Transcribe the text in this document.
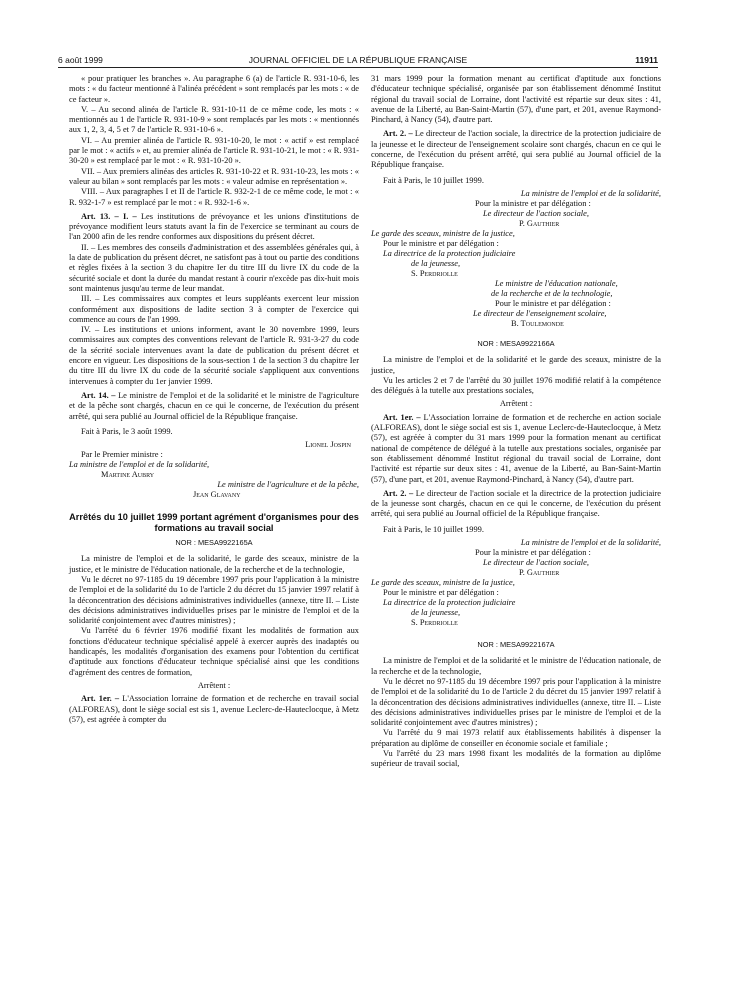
6 août 1999	JOURNAL OFFICIEL DE LA RÉPUBLIQUE FRANÇAISE	11911

« pour pratiquer les branches ». Au paragraphe 6 (a) de l'article R. 931-10-6, les mots : « du facteur mentionné à l'alinéa précédent » sont remplacés par les mots : « de ce facteur ».

V. – Au second alinéa de l'article R. 931-10-11 de ce même code, les mots : « mentionnés au 1 de l'article R. 931-10-9 » sont remplacés par les mots : « mentionnés aux 1, 2, 3, 4, 5 et 7 de l'article R. 931-10-6 ».

VI. – Au premier alinéa de l'article R. 931-10-20, le mot : « actif » est remplacé par le mot : « actifs » et, au premier alinéa de l'article R. 931-10-21, le mot : « R. 931-30-20 » est remplacé par le mot : « R. 931-10-20 ».

VII. – Aux premiers alinéas des articles R. 931-10-22 et R. 931-10-23, les mots : « valeur au bilan » sont remplacés par les mots : « valeur admise en représentation ».

VIII. – Aux paragraphes I et II de l'article R. 932-2-1 de ce même code, le mot : « R. 932-1-7 » est remplacé par le mot : « R. 932-1-6 ».

Art. 13. – I. – Les institutions de prévoyance et les unions d'institutions de prévoyance modifient leurs statuts avant la fin de l'exercice se terminant au cours de l'an 2000 afin de les rendre conformes aux dispositions du présent décret.

II. – Les membres des conseils d'administration et des assemblées générales qui, à la date de publication du présent décret, ne satisfont pas à tout ou partie des conditions et règles fixées à la section 3 du chapitre Ier du titre III du livre IX du code de la sécurité sociale et dont la durée du mandat restant à courir n'excède pas dix-huit mois sont maintenus jusqu'au terme de leur mandat.

III. – Les commissaires aux comptes et leurs suppléants exercent leur mission conformément aux dispositions de ladite section 3 à compter de l'exercice qui commence au cours de l'an 1999.

IV. – Les institutions et unions informent, avant le 30 novembre 1999, leurs commissaires aux comptes des conventions relevant de l'article R. 931-3-27 du code de la sécrité sociale intervenues avant la date de publication du présent décret et encore en vigueur. Les dispositions de la sous-section 1 de la section 3 du chapitre Ier du titre III du livre IX du code de la sécurité sociale s'appliquent aux conventions intervenues à compter du 1er janvier 1999.

Art. 14. – Le ministre de l'emploi et de la solidarité et le ministre de l'agriculture et de la pêche sont chargés, chacun en ce qui le concerne, de l'exécution du présent arrêté, qui sera publié au Journal officiel de la République française.

Fait à Paris, le 3 août 1999.
Lionel Jospin
Par le Premier ministre :
La ministre de l'emploi et de la solidarité,
Martine Aubry
Le ministre de l'agriculture et de la pêche,
Jean Glavany
Arrêtés du 10 juillet 1999 portant agrément d'organismes pour des formations au travail social
NOR : MESA9922165A

La ministre de l'emploi et de la solidarité, le garde des sceaux, ministre de la justice, et le ministre de l'éducation nationale, de la recherche et de la technologie,

Vu le décret no 97-1185 du 19 décembre 1997 pris pour l'application à la ministre de l'emploi et de la solidarité du 1o de l'article 2 du décret du 15 janvier 1997 relatif à la déconcentration des décisions administratives individuelles (annexe, titre II. – Liste des décisions administratives individuelles prises par le ministre de l'emploi et de la solidarité conjointement avec d'autres ministres) ;

Vu l'arrêté du 6 février 1976 modifié fixant les modalités de formation aux fonctions d'éducateur technique spécialisé appelé à exercer auprès des inadaptés ou handicapés, les modalités d'organisation des examens pour l'obtention du certificat d'aptitude aux fonctions d'éducateur technique spécialisé ainsi que les conditions d'agrément des centres de formation,

Arrêtent :

Art. 1er. – L'Association lorraine de formation et de recherche en travail social (ALFOREAS), dont le siège social est sis 1, avenue Leclerc-de-Hauteclocque, à Metz (57), est agréée à compter du

31 mars 1999 pour la formation menant au certificat d'aptitude aux fonctions d'éducateur technique spécialisé, organisée par son établissement dénommé Institut régional du travail social de Lorraine, dont l'activité est répartie sur deux sites : 41, avenue de la Liberté, au Ban-Saint-Martin (57), d'une part, et 201, avenue Raymond-Pinchard, à Nancy (54), d'autre part.

Art. 2. – Le directeur de l'action sociale, la directrice de la protection judiciaire de la jeunesse et le directeur de l'enseignement scolaire sont chargés, chacun en ce qui le concerne, de l'exécution du présent arrêté, qui sera publié au Journal officiel de la République française.

Fait à Paris, le 10 juillet 1999.
La ministre de l'emploi et de la solidarité,
Pour la ministre et par délégation :
Le directeur de l'action sociale,
P. Gauthier
Le garde des sceaux, ministre de la justice,
Pour le ministre et par délégation :
La directrice de la protection judiciaire
de la jeunesse,
S. Perdriolle
Le ministre de l'éducation nationale,
de la recherche et de la technologie,
Pour le ministre et par délégation :
Le directeur de l'enseignement scolaire,
B. Toulemonde
NOR : MESA9922166A

La ministre de l'emploi et de la solidarité et le garde des sceaux, ministre de la justice,

Vu les articles 2 et 7 de l'arrêté du 30 juillet 1976 modifié relatif à la compétence des délégués à la tutelle aux prestations sociales,

Arrêtent :

Art. 1er. – L'Association lorraine de formation et de recherche en action sociale (ALFOREAS), dont le siège social est sis 1, avenue Leclerc-de-Hauteclocque, à Metz (57), est agréée à compter du 31 mars 1999 pour la formation menant au certificat national de compétence de délégué à la tutelle aux prestations sociales, organisée par son établissement dénommé Institut régional du travail social de Lorraine, dont l'activité est répartie sur deux sites : 41, avenue de la Liberté, au Ban-Saint-Martin (57), d'une part, et 201, avenue Raymond-Pinchard, à Nancy (54), d'autre part.

Art. 2. – Le directeur de l'action sociale et la directrice de la protection judiciaire de la jeunesse sont chargés, chacun en ce qui le concerne, de l'exécution du présent arrêté, qui sera publié au Journal officiel de la République française.

Fait à Paris, le 10 juillet 1999.
La ministre de l'emploi et de la solidarité,
Pour la ministre et par délégation :
Le directeur de l'action sociale,
P. Gauthier
Le garde des sceaux, ministre de la justice,
Pour le ministre et par délégation :
La directrice de la protection judiciaire
de la jeunesse,
S. Perdriolle
NOR : MESA9922167A

La ministre de l'emploi et de la solidarité et le ministre de l'éducation nationale, de la recherche et de la technologie,

Vu le décret no 97-1185 du 19 décembre 1997 pris pour l'application à la ministre de l'emploi et de la solidarité du 1o de l'article 2 du décret du 15 janvier 1997 relatif à la déconcentration des décisions administratives individuelles (annexe, titre II. – Liste des décisions administratives individuelles prises par le ministre de l'emploi et de la solidarité conjointement avec d'autres ministres) ;

Vu l'arrêté du 9 mai 1973 relatif aux établissements habilités à dispenser la préparation au diplôme de conseiller en économie sociale et familiale ;

Vu l'arrêté du 23 mars 1998 fixant les modalités de la formation au diplôme supérieur de travail social,
